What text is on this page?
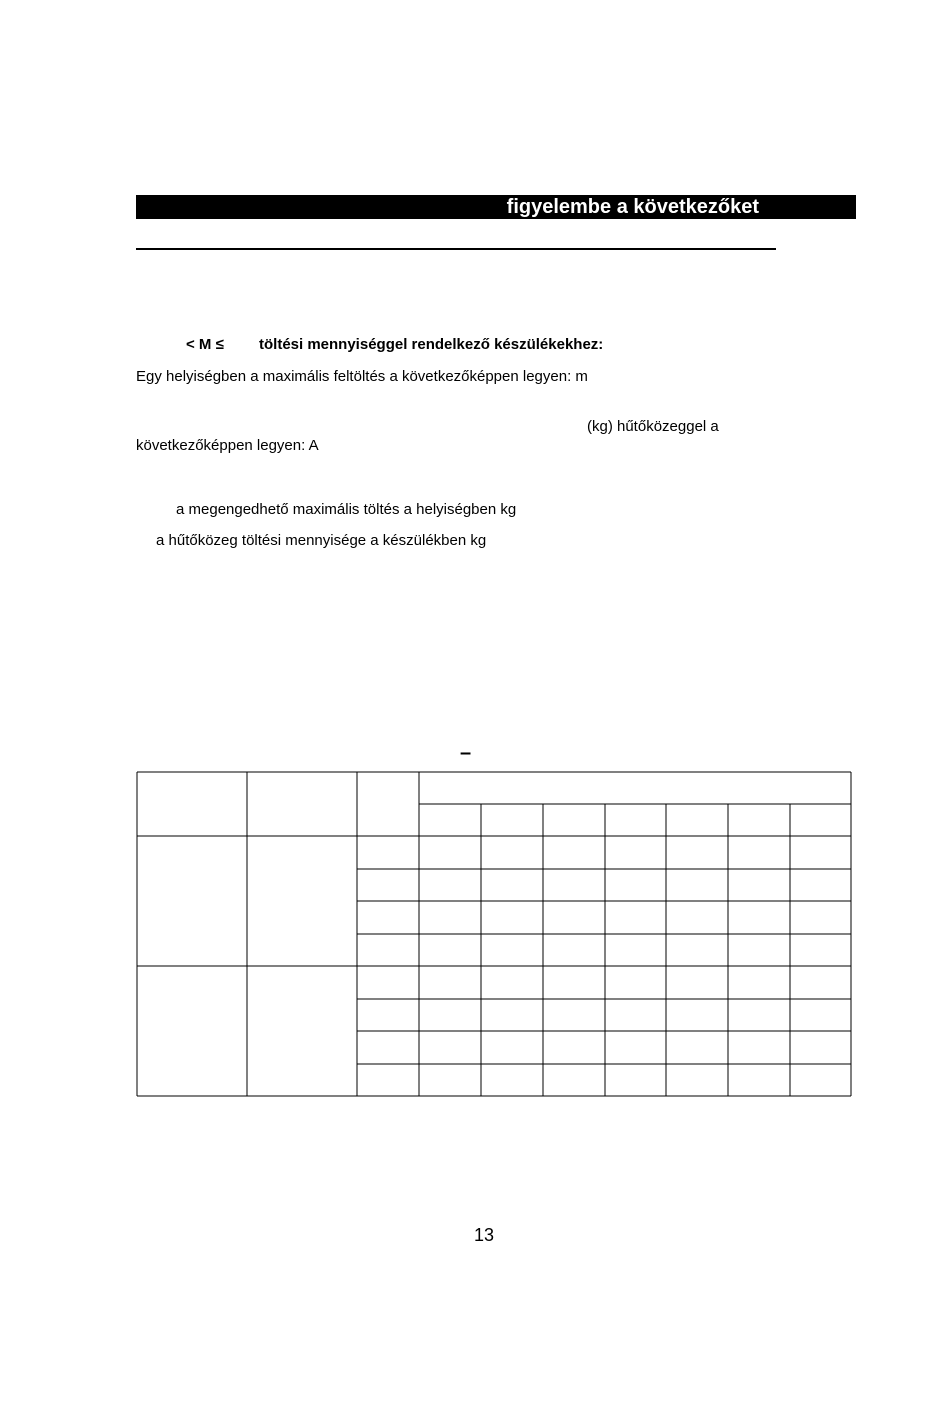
figyelembe a következőket
< M ≤ töltési mennyiséggel rendelkező készülékekhez:
Egy helyiségben a maximális feltöltés a következőképpen legyen: m
(kg) hűtőközeggel a
következőképpen legyen: A
a megengedhető maximális töltés a helyiségben kg
a hűtőközeg töltési mennyisége a készülékben kg
–
13
